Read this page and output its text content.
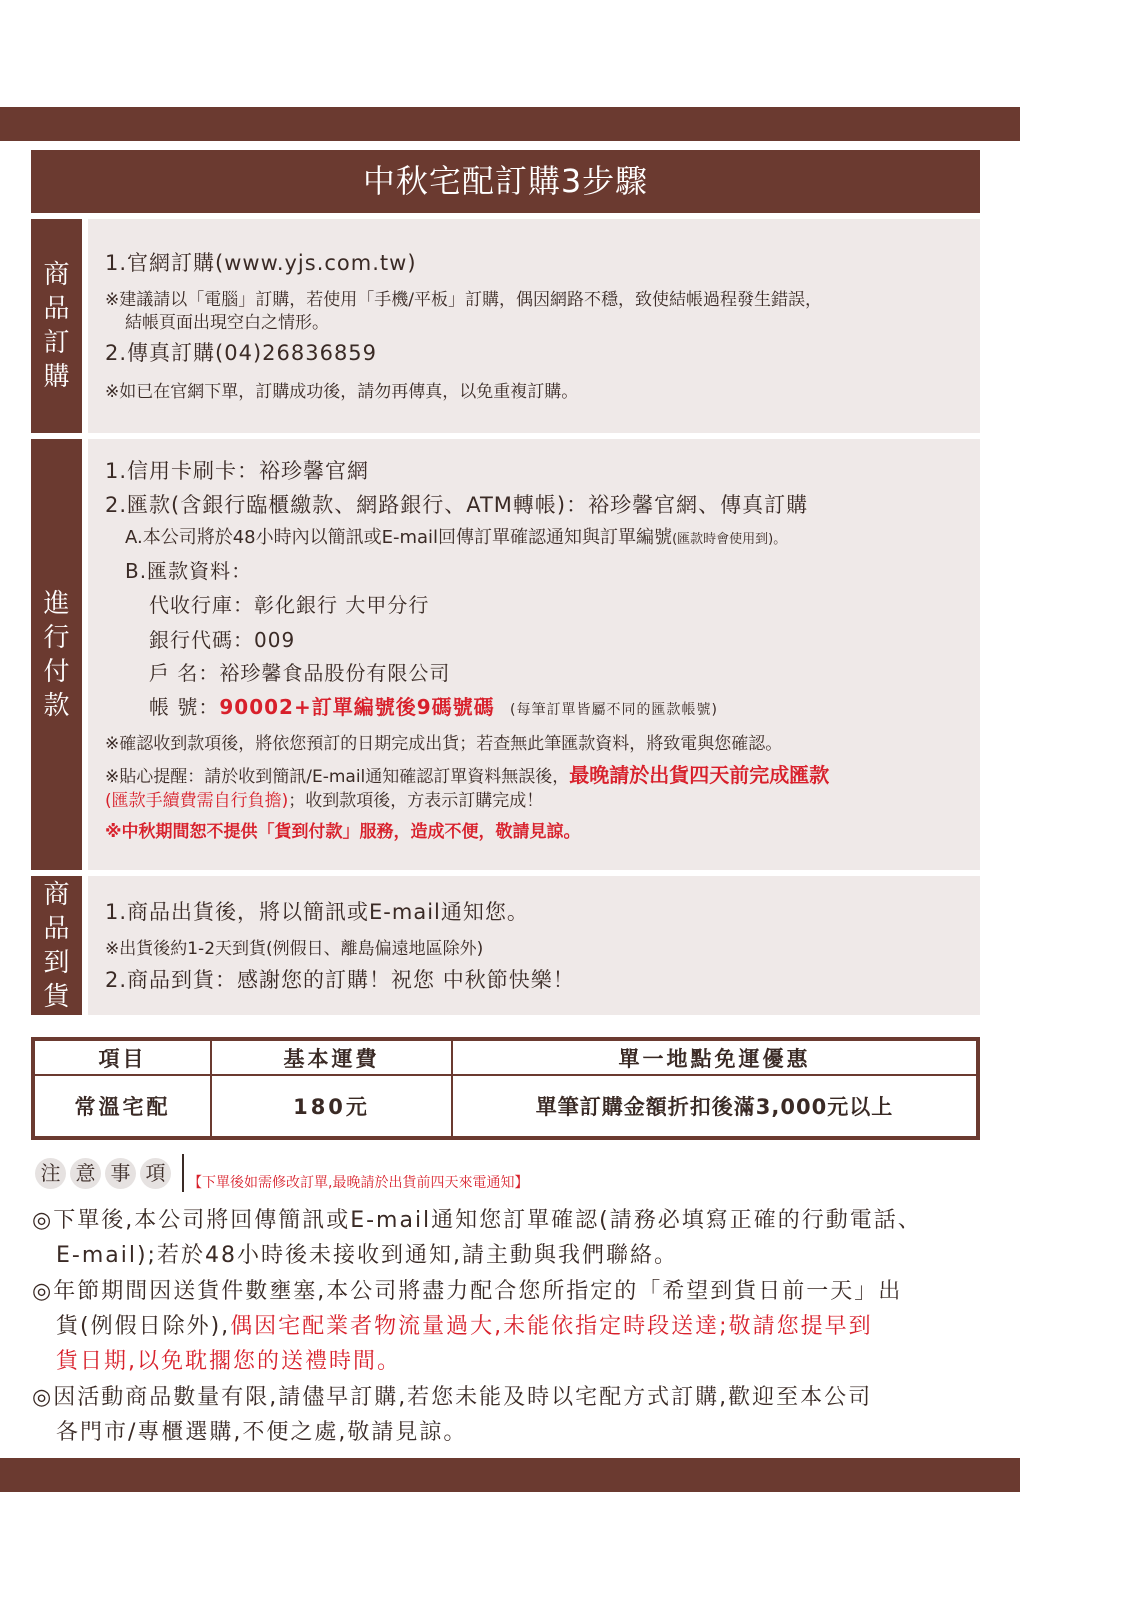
中秋宅配訂購3步驟
商
品
訂
購
1.官網訂購(www.yjs.com.tw)
※建議請以「電腦」訂購，若使用「手機/平板」訂購，偶因網路不穩，致使結帳過程發生錯誤，
結帳頁面出現空白之情形。
2.傳真訂購(04)26836859
※如已在官網下單，訂購成功後，請勿再傳真，以免重複訂購。
進
行
付
款
1.信用卡刷卡：裕珍馨官網
2.匯款(含銀行臨櫃繳款、網路銀行、ATM轉帳)：裕珍馨官網、傳真訂購
A.本公司將於48小時內以簡訊或E-mail回傳訂單確認通知與訂單編號(匯款時會使用到)。
B.匯款資料：
代收行庫：彰化銀行 大甲分行
銀行代碼：009
戶 名：裕珍馨食品股份有限公司
帳 號：90002+訂單編號後9碼號碼 (每筆訂單皆屬不同的匯款帳號)
※確認收到款項後，將依您預訂的日期完成出貨；若查無此筆匯款資料，將致電與您確認。
※貼心提醒：請於收到簡訊/E-mail通知確認訂單資料無誤後，最晚請於出貨四天前完成匯款
(匯款手續費需自行負擔)；收到款項後，方表示訂購完成！
※中秋期間恕不提供「貨到付款」服務，造成不便，敬請見諒。
商
品
到
貨
1.商品出貨後，將以簡訊或E-mail通知您。
※出貨後約1-2天到貨(例假日、離島偏遠地區除外)
2.商品到貨：感謝您的訂購！祝您 中秋節快樂！
項目	基本運費	單一地點免運優惠
常溫宅配	180元	單筆訂購金額折扣後滿3,000元以上
注 意 事 項	【下單後如需修改訂單,最晚請於出貨前四天來電通知】
◎下單後,本公司將回傳簡訊或E-mail通知您訂單確認(請務必填寫正確的行動電話、
E-mail);若於48小時後未接收到通知,請主動與我們聯絡。
◎年節期間因送貨件數壅塞,本公司將盡力配合您所指定的「希望到貨日前一天」出
貨(例假日除外),偶因宅配業者物流量過大,未能依指定時段送達;敬請您提早到
貨日期,以免耽擱您的送禮時間。
◎因活動商品數量有限,請儘早訂購,若您未能及時以宅配方式訂購,歡迎至本公司
各門市/專櫃選購,不便之處,敬請見諒。
